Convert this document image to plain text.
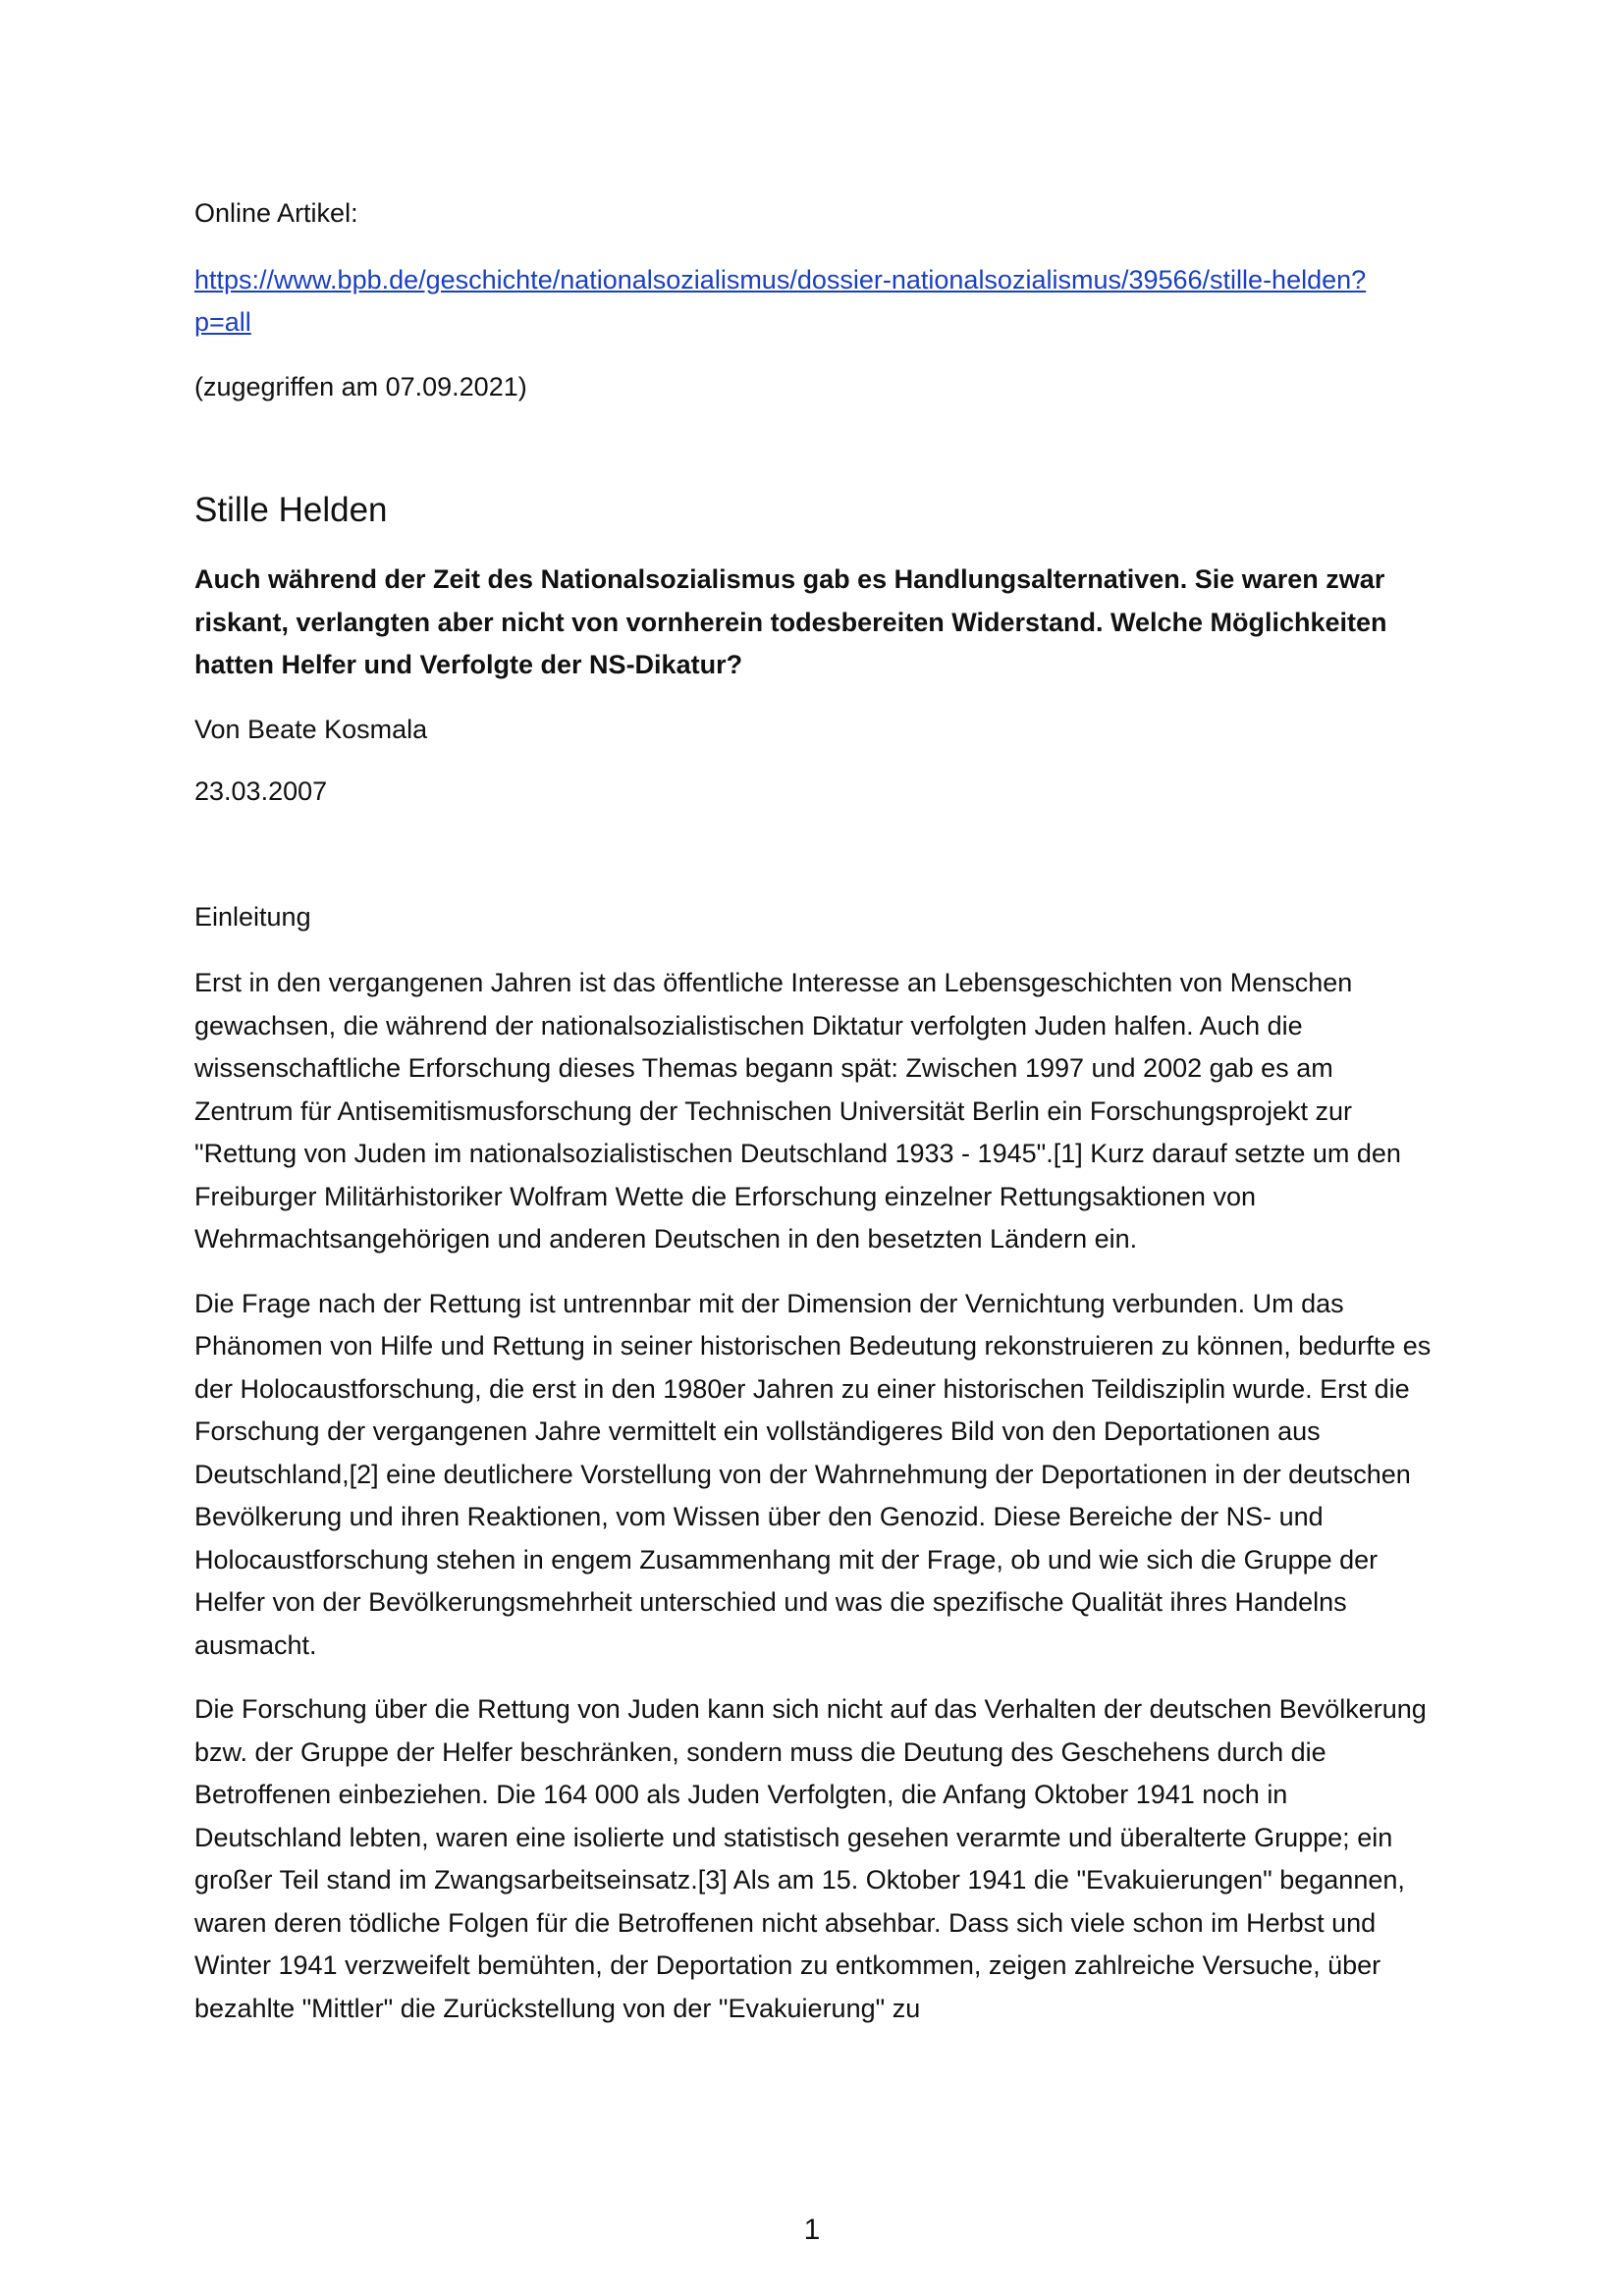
Online Artikel:

https://www.bpb.de/geschichte/nationalsozialismus/dossier-nationalsozialismus/39566/stille-helden?p=all

(zugegriffen am 07.09.2021)

Stille Helden

Auch während der Zeit des Nationalsozialismus gab es Handlungsalternativen. Sie waren zwar riskant, verlangten aber nicht von vornherein todesbereiten Widerstand. Welche Möglichkeiten hatten Helfer und Verfolgte der NS-Dikatur?

Von Beate Kosmala

23.03.2007

Einleitung

Erst in den vergangenen Jahren ist das öffentliche Interesse an Lebensgeschichten von Menschen gewachsen, die während der nationalsozialistischen Diktatur verfolgten Juden halfen. Auch die wissenschaftliche Erforschung dieses Themas begann spät: Zwischen 1997 und 2002 gab es am Zentrum für Antisemitismusforschung der Technischen Universität Berlin ein Forschungsprojekt zur "Rettung von Juden im nationalsozialistischen Deutschland 1933 - 1945".[1] Kurz darauf setzte um den Freiburger Militärhistoriker Wolfram Wette die Erforschung einzelner Rettungsaktionen von Wehrmachtsangehörigen und anderen Deutschen in den besetzten Ländern ein.

Die Frage nach der Rettung ist untrennbar mit der Dimension der Vernichtung verbunden. Um das Phänomen von Hilfe und Rettung in seiner historischen Bedeutung rekonstruieren zu können, bedurfte es der Holocaustforschung, die erst in den 1980er Jahren zu einer historischen Teildisziplin wurde. Erst die Forschung der vergangenen Jahre vermittelt ein vollständigeres Bild von den Deportationen aus Deutschland,[2] eine deutlichere Vorstellung von der Wahrnehmung der Deportationen in der deutschen Bevölkerung und ihren Reaktionen, vom Wissen über den Genozid. Diese Bereiche der NS- und Holocaustforschung stehen in engem Zusammenhang mit der Frage, ob und wie sich die Gruppe der Helfer von der Bevölkerungsmehrheit unterschied und was die spezifische Qualität ihres Handelns ausmacht.

Die Forschung über die Rettung von Juden kann sich nicht auf das Verhalten der deutschen Bevölkerung bzw. der Gruppe der Helfer beschränken, sondern muss die Deutung des Geschehens durch die Betroffenen einbeziehen. Die 164 000 als Juden Verfolgten, die Anfang Oktober 1941 noch in Deutschland lebten, waren eine isolierte und statistisch gesehen verarmte und überalterte Gruppe; ein großer Teil stand im Zwangsarbeitseinsatz.[3] Als am 15. Oktober 1941 die "Evakuierungen" begannen, waren deren tödliche Folgen für die Betroffenen nicht absehbar. Dass sich viele schon im Herbst und Winter 1941 verzweifelt bemühten, der Deportation zu entkommen, zeigen zahlreiche Versuche, über bezahlte "Mittler" die Zurückstellung von der "Evakuierung" zu

1
